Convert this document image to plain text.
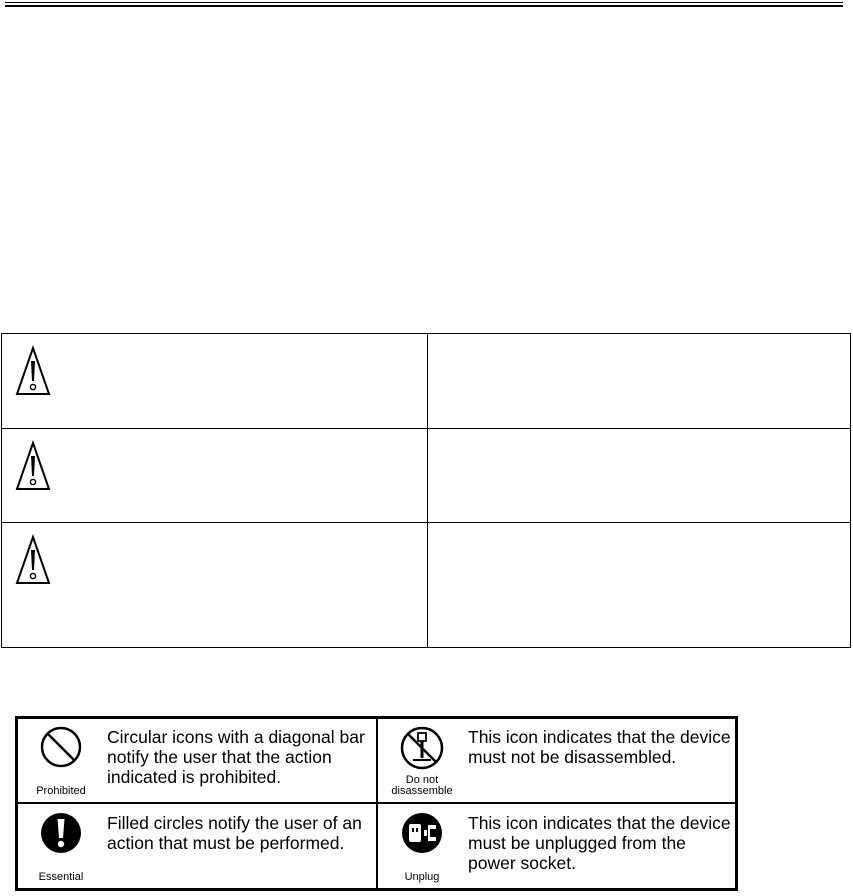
Prohibited
Circular icons with a diagonal bar notify the user that the action indicated is prohibited.	Do not
disassemble
This icon indicates that the device must not be disassembled.
Essential
Filled circles notify the user of an action that must be performed.
Unplug
This icon indicates that the device must be unplugged from the power socket.
